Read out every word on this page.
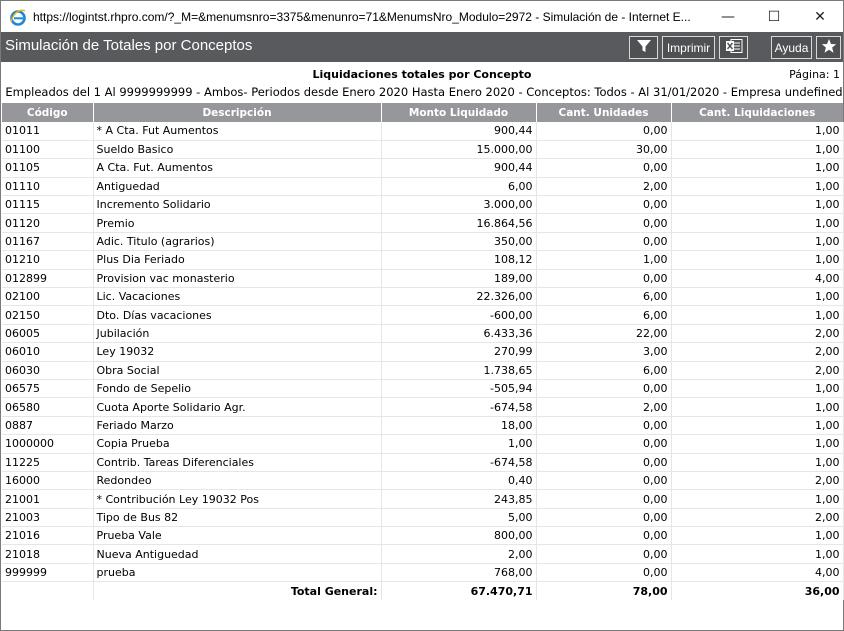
https://logintst.rhpro.com/?_M=&menumsnro=3375&menunro=71&MenumsNro_Modulo=2972 - Simulación de - Internet E...	—	☐	✕
Simulación de Totales por Conceptos	Imprimir	Ayuda
Liquidaciones totales por Concepto	Página: 1
Empleados del 1 Al 9999999999 - Ambos- Periodos desde Enero 2020 Hasta Enero 2020 - Conceptos: Todos - Al 31/01/2020 - Empresa undefined
Código	Descripción	Monto Liquidado	Cant. Unidades	Cant. Liquidaciones
01011	* A Cta. Fut Aumentos	900,44	0,00	1,00
01100	Sueldo Basico	15.000,00	30,00	1,00
01105	A Cta. Fut. Aumentos	900,44	0,00	1,00
01110	Antiguedad	6,00	2,00	1,00
01115	Incremento Solidario	3.000,00	0,00	1,00
01120	Premio	16.864,56	0,00	1,00
01167	Adic. Titulo (agrarios)	350,00	0,00	1,00
01210	Plus Dia Feriado	108,12	1,00	1,00
012899	Provision vac monasterio	189,00	0,00	4,00
02100	Lic. Vacaciones	22.326,00	6,00	1,00
02150	Dto. Días vacaciones	-600,00	6,00	1,00
06005	Jubilación	6.433,36	22,00	2,00
06010	Ley 19032	270,99	3,00	2,00
06030	Obra Social	1.738,65	6,00	2,00
06575	Fondo de Sepelio	-505,94	0,00	1,00
06580	Cuota Aporte Solidario Agr.	-674,58	2,00	1,00
0887	Feriado Marzo	18,00	0,00	1,00
1000000	Copia Prueba	1,00	0,00	1,00
11225	Contrib. Tareas Diferenciales	-674,58	0,00	1,00
16000	Redondeo	0,40	0,00	2,00
21001	* Contribución Ley 19032 Pos	243,85	0,00	1,00
21003	Tipo de Bus 82	5,00	0,00	2,00
21016	Prueba Vale	800,00	0,00	1,00
21018	Nueva Antiguedad	2,00	0,00	1,00
999999	prueba	768,00	0,00	4,00
	Total General:	67.470,71	78,00	36,00
